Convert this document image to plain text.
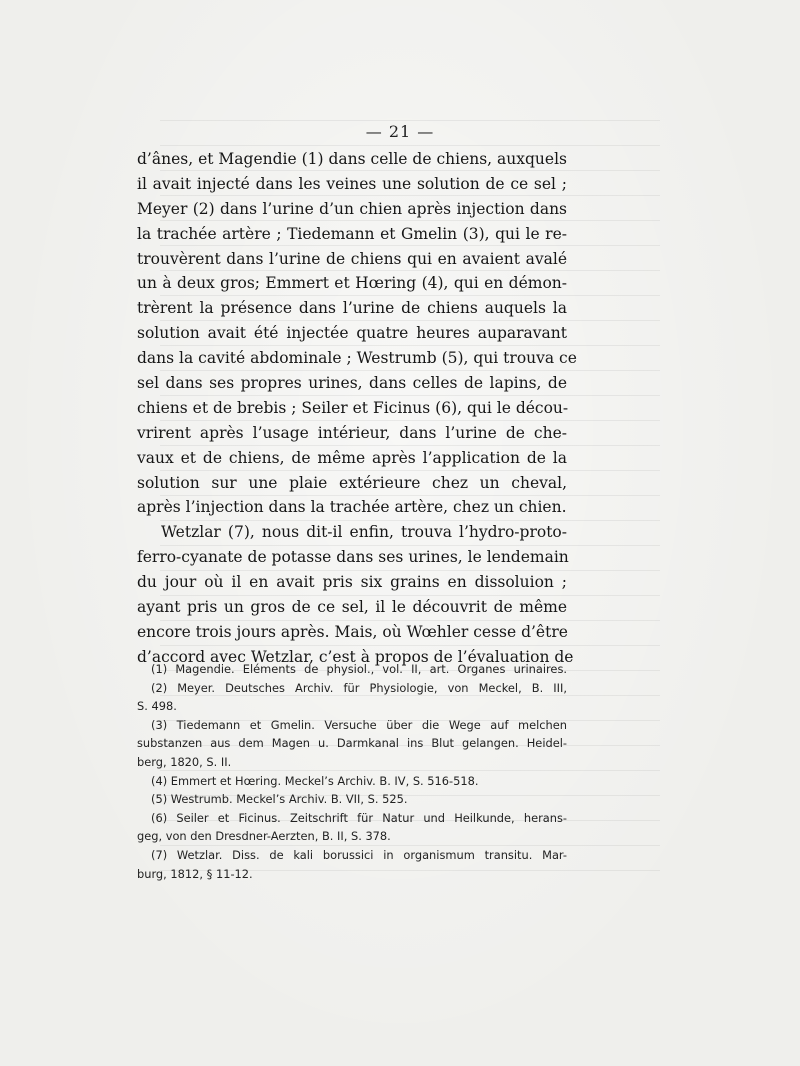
— 21 —
d’ânes, et Magendie (1) dans celle de chiens, auxquels
il avait injecté dans les veines une solution de ce sel ;
Meyer (2) dans l’urine d’un chien après injection dans
la trachée artère ; Tiedemann et Gmelin (3), qui le re-
trouvèrent dans l’urine de chiens qui en avaient avalé
un à deux gros; Emmert et Hœring (4), qui en démon-
trèrent la présence dans l’urine de chiens auquels la
solution avait été injectée quatre heures auparavant
dans la cavité abdominale ; Westrumb (5), qui trouva ce
sel dans ses propres urines, dans celles de lapins, de
chiens et de brebis ; Seiler et Ficinus (6), qui le décou-
vrirent après l’usage intérieur, dans l’urine de che-
vaux et de chiens, de même après l’application de la
solution sur une plaie extérieure chez un cheval,
après l’injection dans la trachée artère, chez un chien.
Wetzlar (7), nous dit-il enfin, trouva l’hydro-proto-
ferro-cyanate de potasse dans ses urines, le lendemain
du jour où il en avait pris six grains en dissoluion ;
ayant pris un gros de ce sel, il le découvrit de même
encore trois jours après. Mais, où Wœhler cesse d’être
d’accord avec Wetzlar, c’est à propos de l’évaluation de
(1) Magendie. Eléments de physiol., vol. II, art. Organes urinaires.
(2) Meyer. Deutsches Archiv. für Physiologie, von Meckel, B. III,
S. 498.
(3) Tiedemann et Gmelin. Versuche über die Wege auf melchen
substanzen aus dem Magen u. Darmkanal ins Blut gelangen. Heidel-
berg, 1820, S. II.
(4) Emmert et Hœring. Meckel’s Archiv. B. IV, S. 516-518.
(5) Westrumb. Meckel’s Archiv. B. VII, S. 525.
(6) Seiler et Ficinus. Zeitschrift für Natur und Heilkunde, herans-
geg, von den Dresdner-Aerzten, B. II, S. 378.
(7) Wetzlar. Diss. de kali borussici in organismum transitu. Mar-
burg, 1812, § 11-12.
